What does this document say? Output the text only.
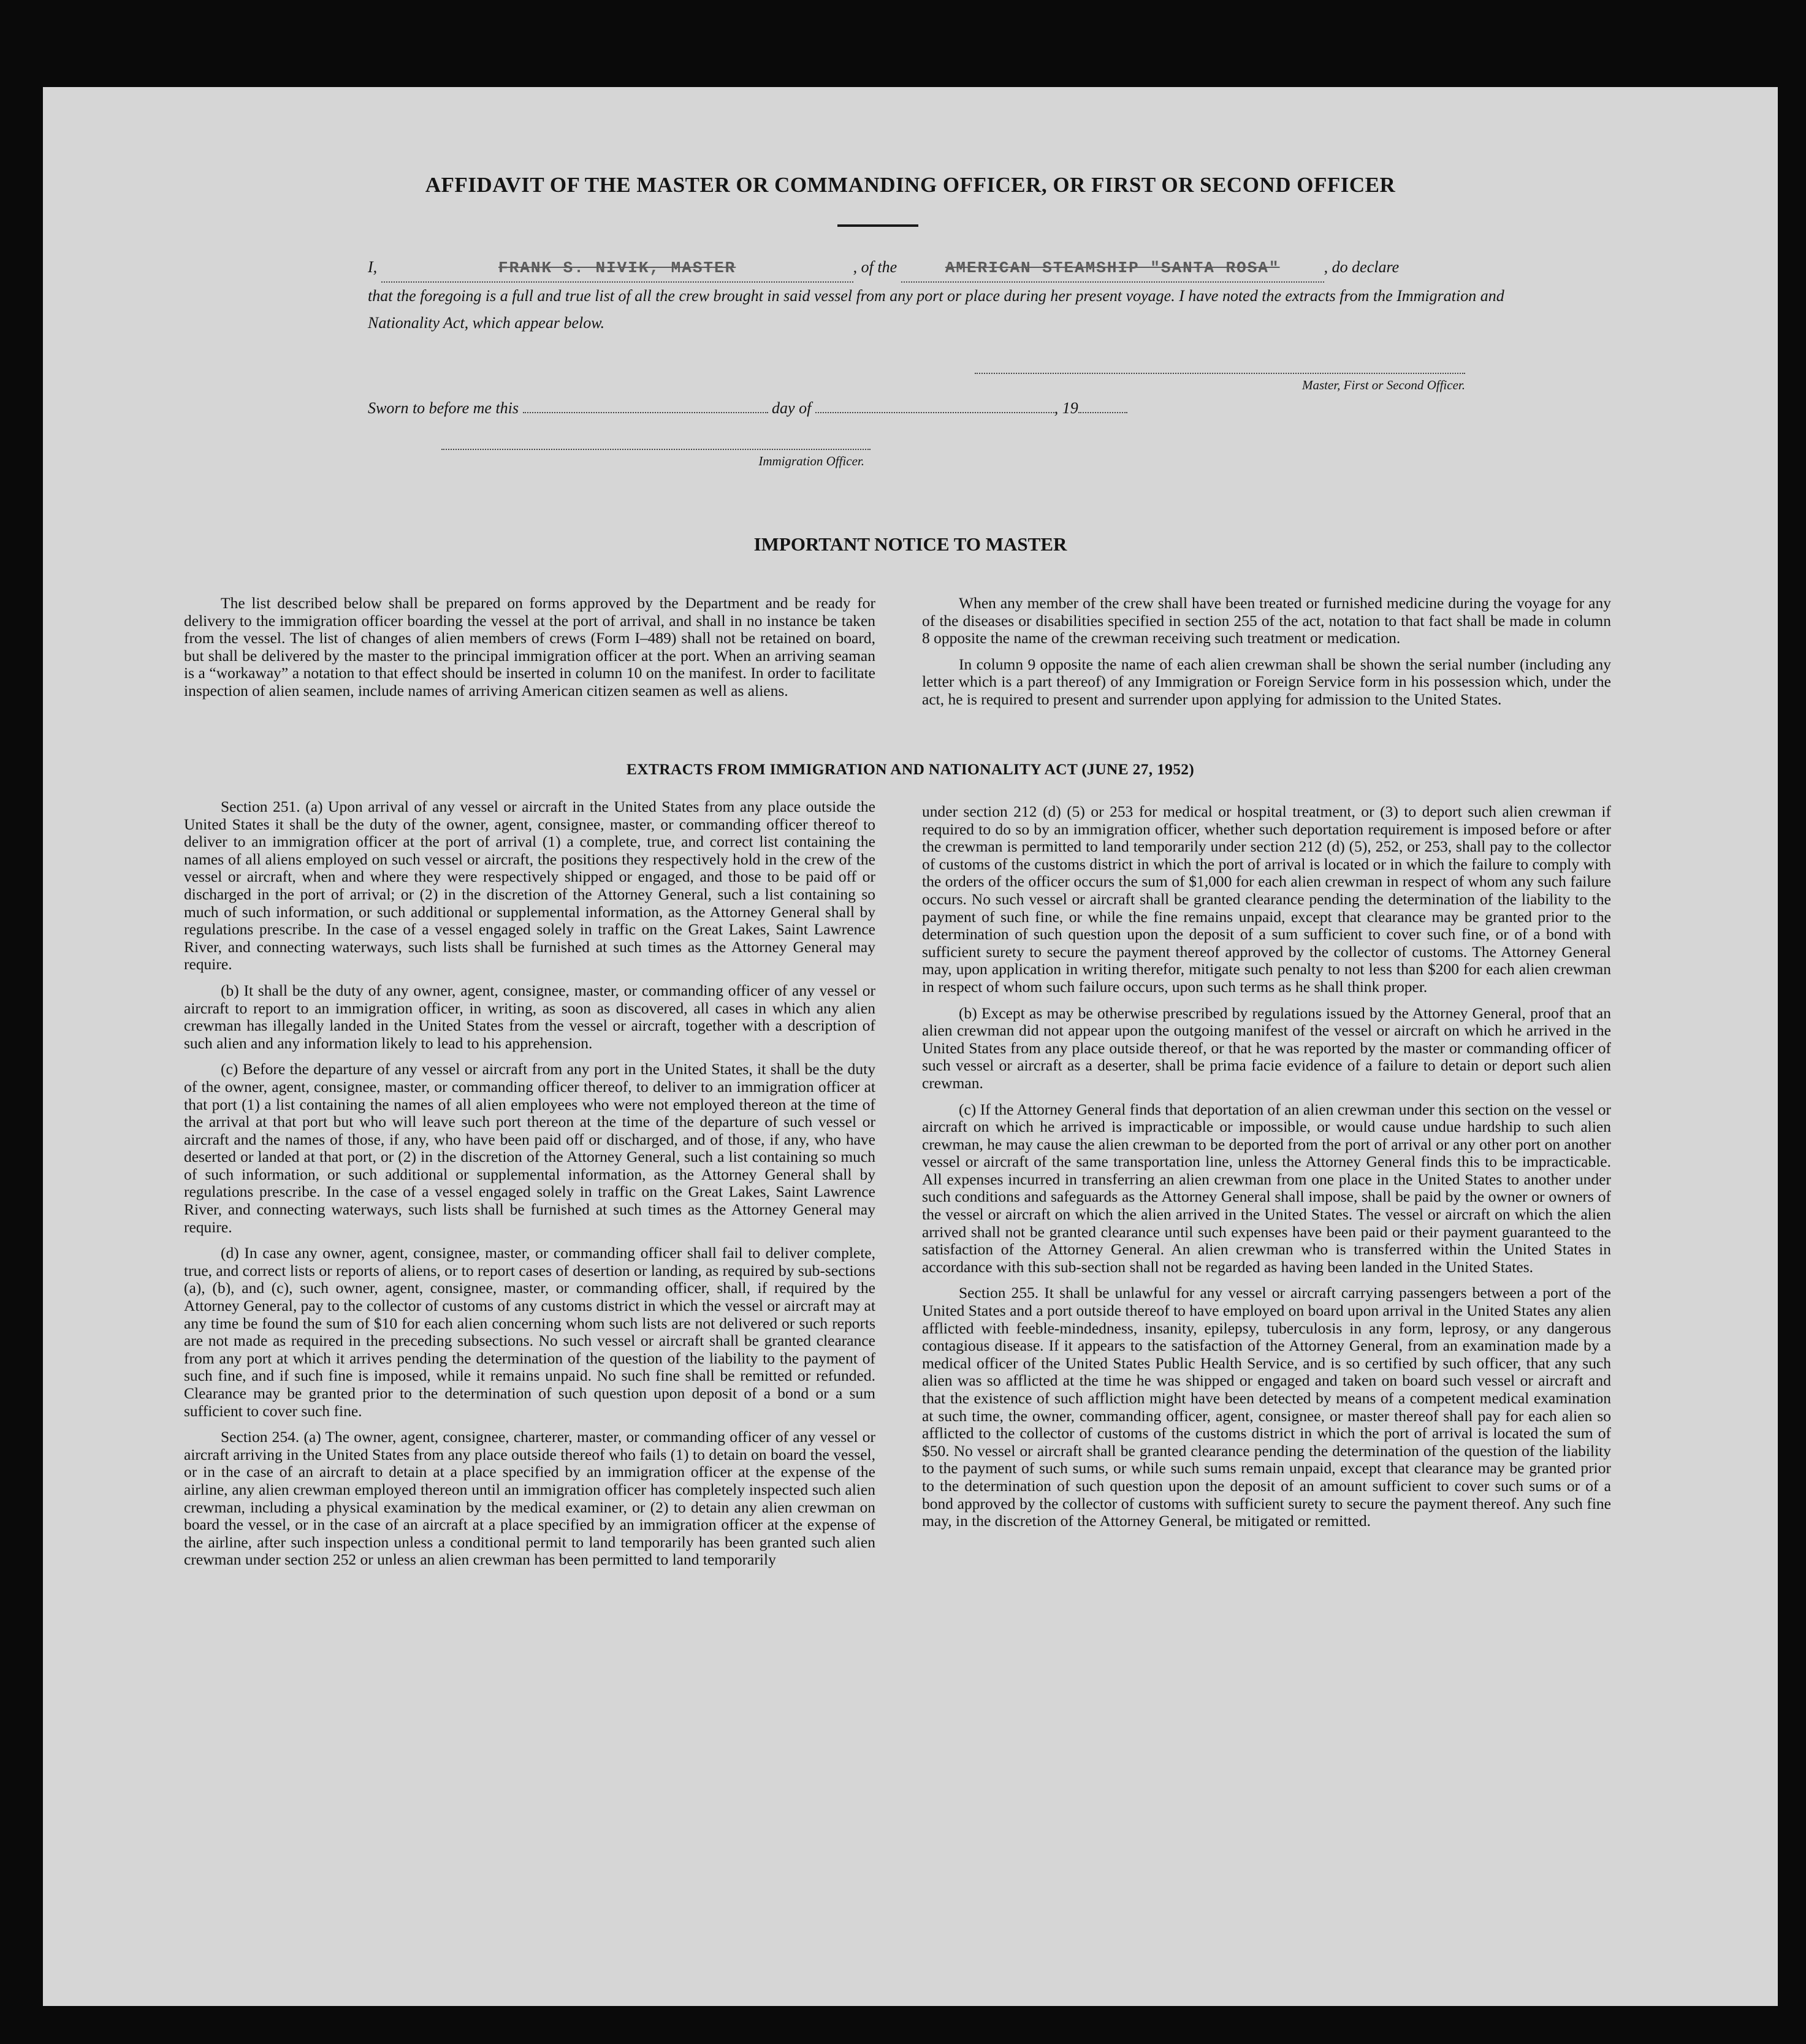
AFFIDAVIT OF THE MASTER OR COMMANDING OFFICER, OR FIRST OR SECOND OFFICER
I,	FRANK S. NIVIK, MASTER	, of the	AMERICAN STEAMSHIP "SANTA ROSA"	, do declare
that the foregoing is a full and true list of all the crew brought in said vessel from any port or place during her present voyage. I have noted the extracts from the Immigration and Nationality Act, which appear below.
Master, First or Second Officer.
Sworn to before me this	day of	, 19
Immigration Officer.
IMPORTANT NOTICE TO MASTER

The list described below shall be prepared on forms approved by the Department and be ready for delivery to the immigration officer boarding the vessel at the port of arrival, and shall in no instance be taken from the vessel. The list of changes of alien members of crews (Form I–489) shall not be retained on board, but shall be delivered by the master to the principal immigration officer at the port. When an arriving seaman is a “workaway” a notation to that effect should be inserted in column 10 on the manifest. In order to facilitate inspection of alien seamen, include names of arriving American citizen seamen as well as aliens.

When any member of the crew shall have been treated or furnished medicine during the voyage for any of the diseases or disabilities specified in section 255 of the act, notation to that fact shall be made in column 8 opposite the name of the crewman receiving such treatment or medication.

In column 9 opposite the name of each alien crewman shall be shown the serial number (including any letter which is a part thereof) of any Immigration or Foreign Service form in his possession which, under the act, he is required to present and surrender upon applying for admission to the United States.

EXTRACTS FROM IMMIGRATION AND NATIONALITY ACT (JUNE 27, 1952)

Section 251. (a) Upon arrival of any vessel or aircraft in the United States from any place outside the United States it shall be the duty of the owner, agent, consignee, master, or commanding officer thereof to deliver to an immigration officer at the port of arrival (1) a complete, true, and correct list containing the names of all aliens employed on such vessel or aircraft, the positions they respectively hold in the crew of the vessel or aircraft, when and where they were respectively shipped or engaged, and those to be paid off or discharged in the port of arrival; or (2) in the discretion of the Attorney General, such a list containing so much of such information, or such additional or supplemental information, as the Attorney General shall by regulations prescribe. In the case of a vessel engaged solely in traffic on the Great Lakes, Saint Lawrence River, and connecting waterways, such lists shall be furnished at such times as the Attorney General may require.

(b) It shall be the duty of any owner, agent, consignee, master, or commanding officer of any vessel or aircraft to report to an immigration officer, in writing, as soon as discovered, all cases in which any alien crewman has illegally landed in the United States from the vessel or aircraft, together with a description of such alien and any information likely to lead to his apprehension.

(c) Before the departure of any vessel or aircraft from any port in the United States, it shall be the duty of the owner, agent, consignee, master, or commanding officer thereof, to deliver to an immigration officer at that port (1) a list containing the names of all alien employees who were not employed thereon at the time of the arrival at that port but who will leave such port thereon at the time of the departure of such vessel or aircraft and the names of those, if any, who have been paid off or discharged, and of those, if any, who have deserted or landed at that port, or (2) in the discretion of the Attorney General, such a list containing so much of such information, or such additional or supplemental information, as the Attorney General shall by regulations prescribe. In the case of a vessel engaged solely in traffic on the Great Lakes, Saint Lawrence River, and connecting waterways, such lists shall be furnished at such times as the Attorney General may require.

(d) In case any owner, agent, consignee, master, or commanding officer shall fail to deliver complete, true, and correct lists or reports of aliens, or to report cases of desertion or landing, as required by sub-sections (a), (b), and (c), such owner, agent, consignee, master, or commanding officer, shall, if required by the Attorney General, pay to the collector of customs of any customs district in which the vessel or aircraft may at any time be found the sum of $10 for each alien concerning whom such lists are not delivered or such reports are not made as required in the preceding subsections. No such vessel or aircraft shall be granted clearance from any port at which it arrives pending the determination of the question of the liability to the payment of such fine, and if such fine is imposed, while it remains unpaid. No such fine shall be remitted or refunded. Clearance may be granted prior to the determination of such question upon deposit of a bond or a sum sufficient to cover such fine.

Section 254. (a) The owner, agent, consignee, charterer, master, or commanding officer of any vessel or aircraft arriving in the United States from any place outside thereof who fails (1) to detain on board the vessel, or in the case of an aircraft to detain at a place specified by an immigration officer at the expense of the airline, any alien crewman employed thereon until an immigration officer has completely inspected such alien crewman, including a physical examination by the medical examiner, or (2) to detain any alien crewman on board the vessel, or in the case of an aircraft at a place specified by an immigration officer at the expense of the airline, after such inspection unless a conditional permit to land temporarily has been granted such alien crewman under section 252 or unless an alien crewman has been permitted to land temporarily

under section 212 (d) (5) or 253 for medical or hospital treatment, or (3) to deport such alien crewman if required to do so by an immigration officer, whether such deportation requirement is imposed before or after the crewman is permitted to land temporarily under section 212 (d) (5), 252, or 253, shall pay to the collector of customs of the customs district in which the port of arrival is located or in which the failure to comply with the orders of the officer occurs the sum of $1,000 for each alien crewman in respect of whom any such failure occurs. No such vessel or aircraft shall be granted clearance pending the determination of the liability to the payment of such fine, or while the fine remains unpaid, except that clearance may be granted prior to the determination of such question upon the deposit of a sum sufficient to cover such fine, or of a bond with sufficient surety to secure the payment thereof approved by the collector of customs. The Attorney General may, upon application in writing therefor, mitigate such penalty to not less than $200 for each alien crewman in respect of whom such failure occurs, upon such terms as he shall think proper.

(b) Except as may be otherwise prescribed by regulations issued by the Attorney General, proof that an alien crewman did not appear upon the outgoing manifest of the vessel or aircraft on which he arrived in the United States from any place outside thereof, or that he was reported by the master or commanding officer of such vessel or aircraft as a deserter, shall be prima facie evidence of a failure to detain or deport such alien crewman.

(c) If the Attorney General finds that deportation of an alien crewman under this section on the vessel or aircraft on which he arrived is impracticable or impossible, or would cause undue hardship to such alien crewman, he may cause the alien crewman to be deported from the port of arrival or any other port on another vessel or aircraft of the same transportation line, unless the Attorney General finds this to be impracticable. All expenses incurred in transferring an alien crewman from one place in the United States to another under such conditions and safeguards as the Attorney General shall impose, shall be paid by the owner or owners of the vessel or aircraft on which the alien arrived in the United States. The vessel or aircraft on which the alien arrived shall not be granted clearance until such expenses have been paid or their payment guaranteed to the satisfaction of the Attorney General. An alien crewman who is transferred within the United States in accordance with this sub-section shall not be regarded as having been landed in the United States.

Section 255. It shall be unlawful for any vessel or aircraft carrying passengers between a port of the United States and a port outside thereof to have employed on board upon arrival in the United States any alien afflicted with feeble-mindedness, insanity, epilepsy, tuberculosis in any form, leprosy, or any dangerous contagious disease. If it appears to the satisfaction of the Attorney General, from an examination made by a medical officer of the United States Public Health Service, and is so certified by such officer, that any such alien was so afflicted at the time he was shipped or engaged and taken on board such vessel or aircraft and that the existence of such affliction might have been detected by means of a competent medical examination at such time, the owner, commanding officer, agent, consignee, or master thereof shall pay for each alien so afflicted to the collector of customs of the customs district in which the port of arrival is located the sum of $50. No vessel or aircraft shall be granted clearance pending the determination of the question of the liability to the payment of such sums, or while such sums remain unpaid, except that clearance may be granted prior to the determination of such question upon the deposit of an amount sufficient to cover such sums or of a bond approved by the collector of customs with sufficient surety to secure the payment thereof. Any such fine may, in the discretion of the Attorney General, be mitigated or remitted.
